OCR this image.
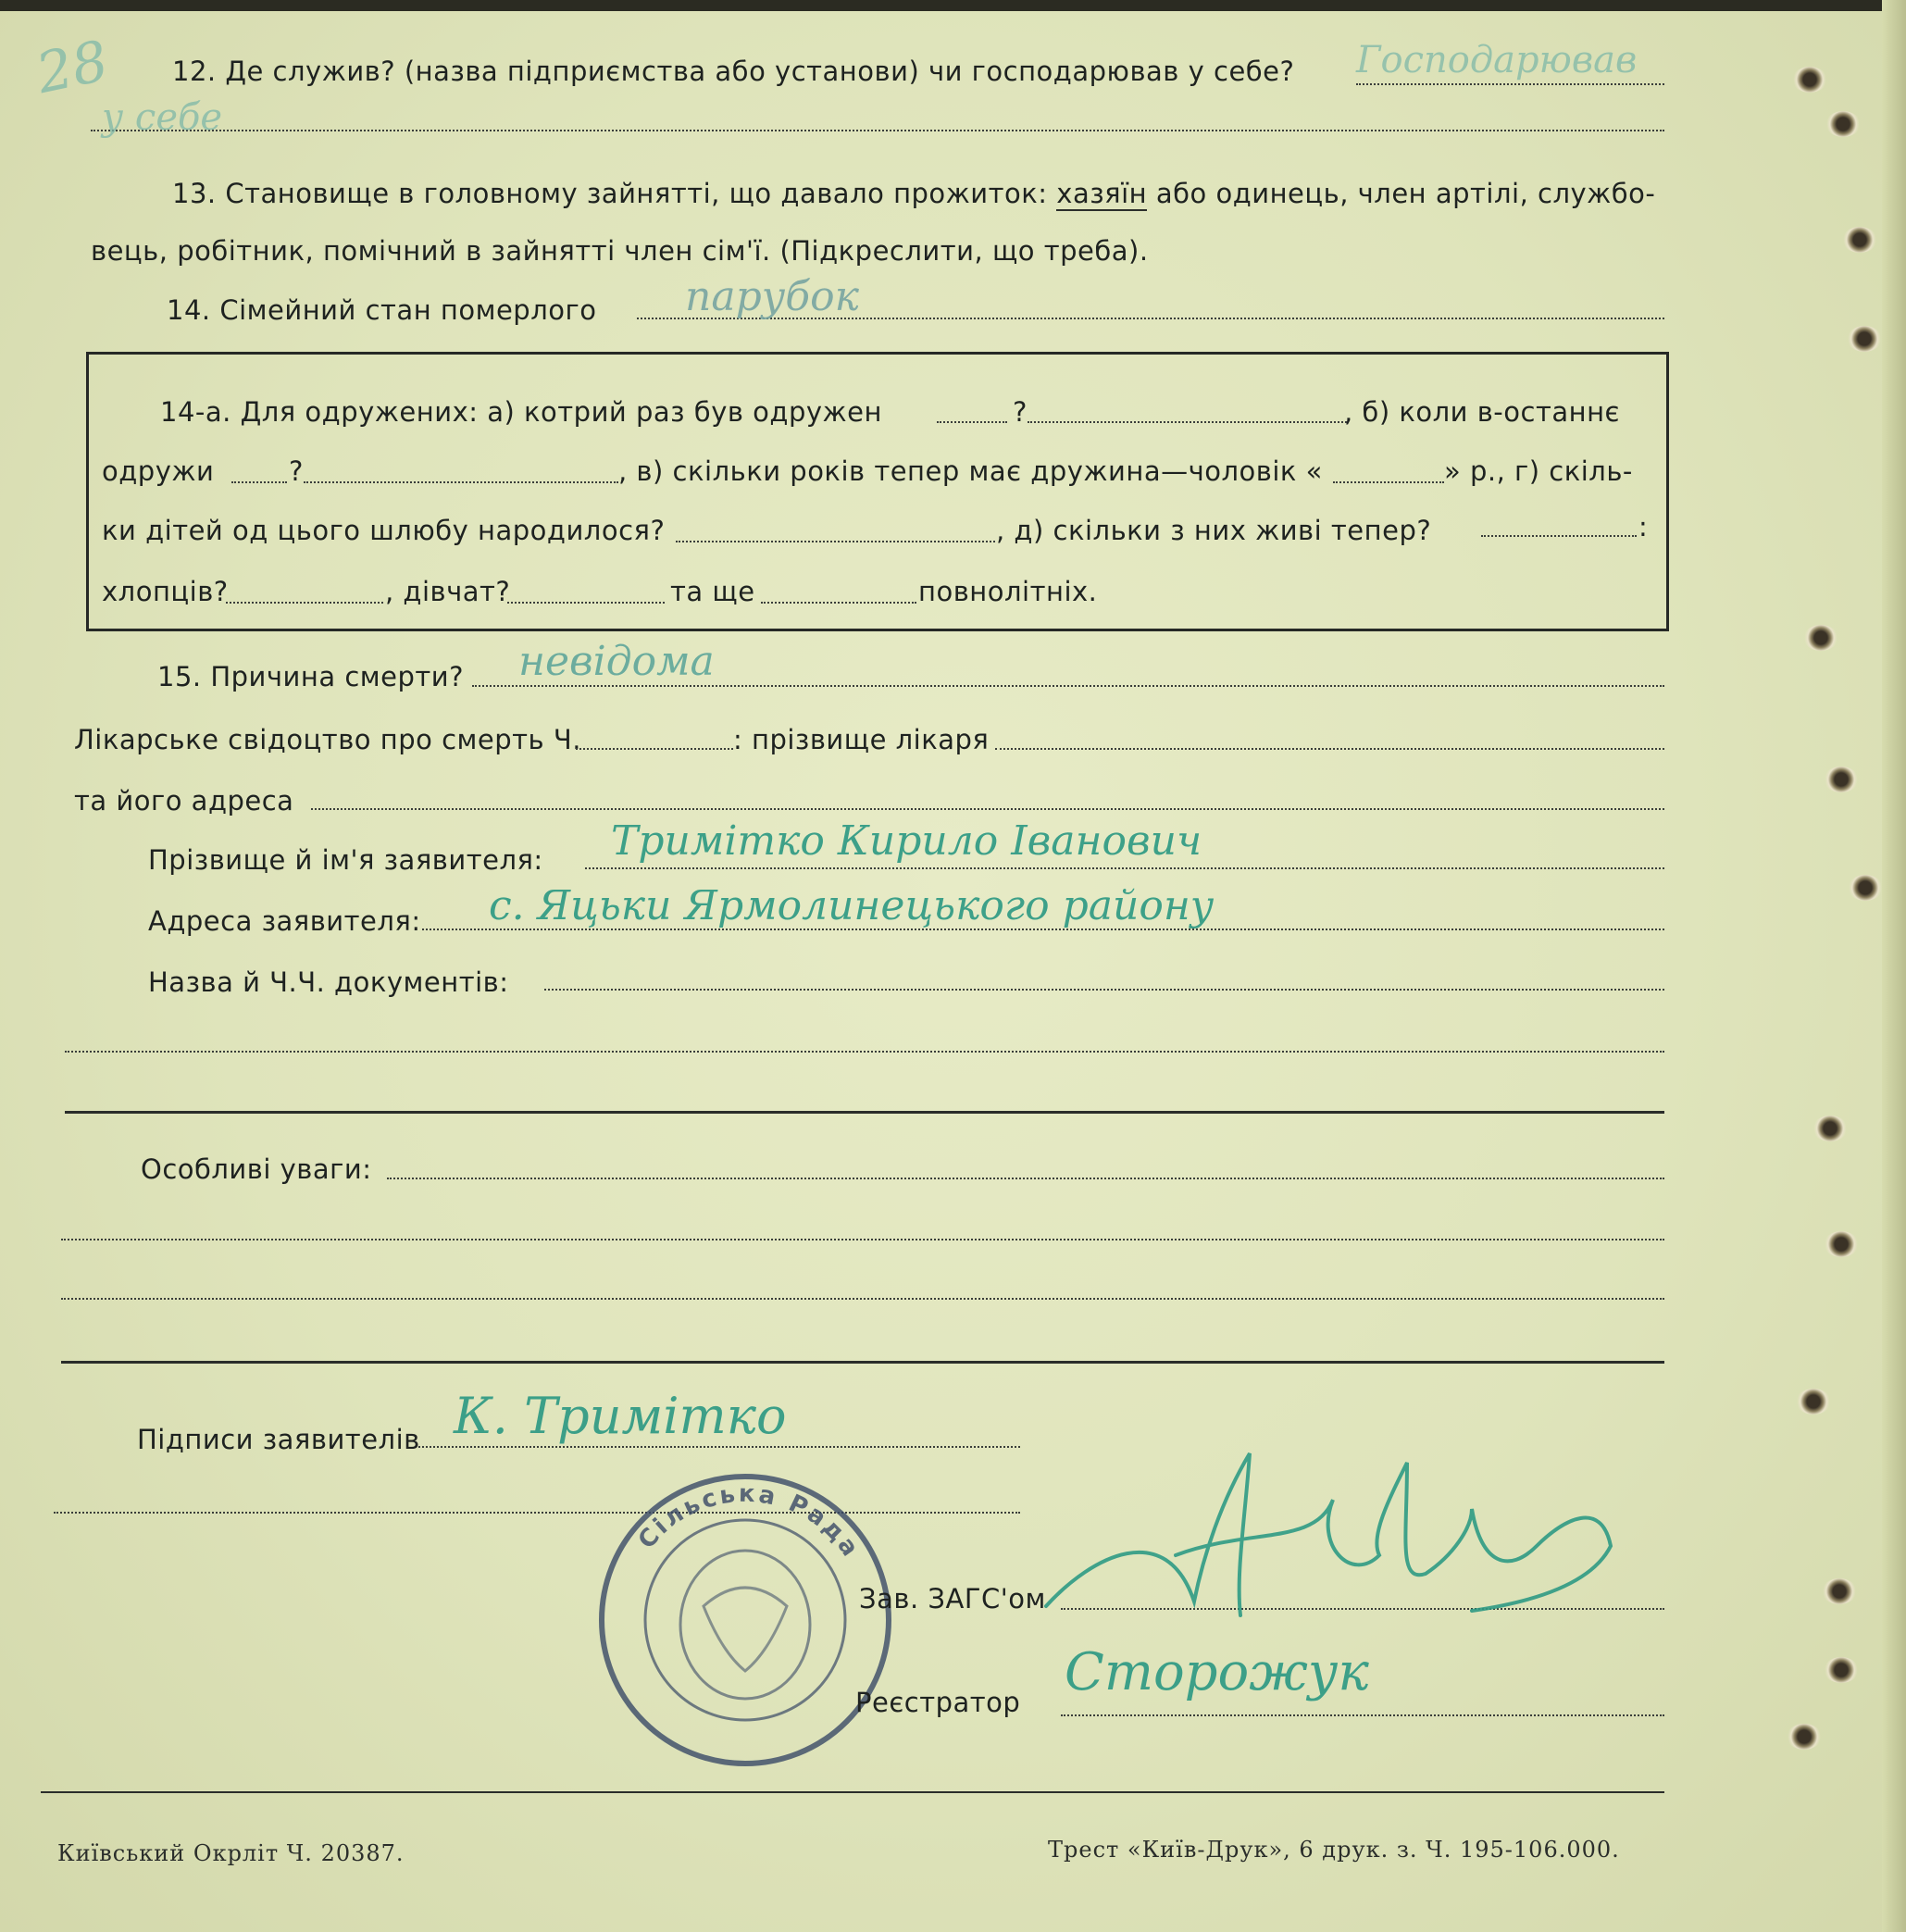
28 12. Де служив? (назва підприємства або установи) чи господарював у себе? Господарював
у себе
13. Становище в головному зайнятті, що давало прожиток: хазяїн або одинець, член артілі, службо-
вець, робітник, помічний в зайнятті член сім'ї. (Підкреслити, що треба).
14. Сімейний стан померлого парубок
14-а. Для одружених: а) котрий раз був одружен	?	, б) коли в-останнє
одружи	?	, в) скільки років тепер має дружина—чоловік «	» р., г) скіль-
ки дітей од цього шлюбу народилося?	, д) скільки з них живі тепер?	:
хлопців?	, дівчат?	та ще	повнолітніх.
15. Причина смерти? невідома
Лікарське свідоцтво про смерть Ч.	: прізвище лікаря
та його адреса
Прізвище й ім'я заявителя: Тримітко Кирило Іванович
Адреса заявителя: с. Яцьки Ярмолинецького району
Назва й Ч.Ч. документів:
Особливі уваги:
Підписи заявителів К. Тримітко
Сільська Рада
Зав. ЗАГС'ом
Реєстратор Сторожук
Київський Окрліт Ч. 20387.	Трест «Київ-Друк», 6 друк. з. Ч. 195-106.000.
